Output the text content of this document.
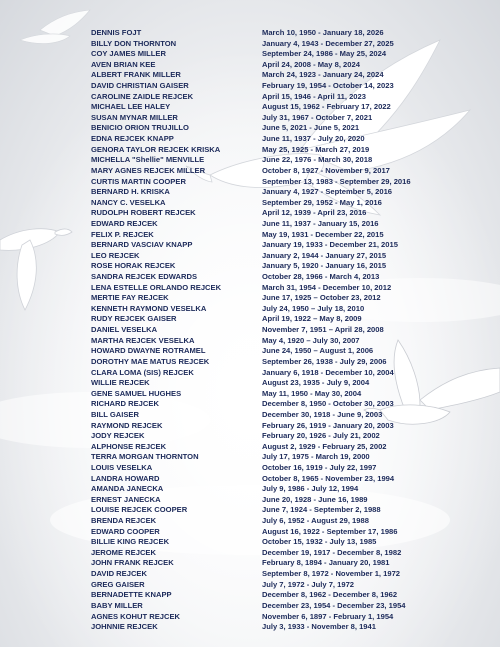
DENNIS FOJT	March 10, 1950 - January 18, 2026
BILLY DON THORNTON	January 4, 1943 - December 27, 2025
COY JAMES MILLER	September 24, 1986 - May 25, 2024
AVEN BRIAN KEE	April 24, 2008 - May 8, 2024
ALBERT FRANK MILLER	March 24, 1923 - January 24, 2024
DAVID CHRISTIAN GAISER	February 19, 1954 - October 14, 2023
CAROLINE ZAIDLE REJCEK	April 15, 1946 - April 11, 2023
MICHAEL LEE HALEY	August 15, 1962 - February 17, 2022
SUSAN MYNAR MILLER	July 31, 1967 - October 7, 2021
BENICIO ORION TRUJILLO	June 5, 2021 - June 5, 2021
EDNA REJCEK KNAPP	June 11, 1937 - July 20, 2020
GENORA TAYLOR REJCEK KRISKA	May 25, 1925 - March 27, 2019
MICHELLA "Shellie" MENVILLE	June 22, 1976 - March 30, 2018
MARY AGNES REJCEK MILLER	October 8, 1927 - November 9, 2017
CURTIS MARTIN COOPER	September 13, 1983 - September 29, 2016
BERNARD H. KRISKA	January 4, 1927 - September 5, 2016
NANCY C. VESELKA	September 29, 1952 - May 1, 2016
RUDOLPH ROBERT REJCEK	April 12, 1939 - April 23, 2016
EDWARD REJCEK	June 11, 1937 - January 15, 2016
FELIX P. REJCEK	May 19, 1931 - December 22, 2015
BERNARD VASCIAV KNAPP	January 19, 1933 - December 21, 2015
LEO REJCEK	January 2, 1944 - January 27, 2015
ROSE HORAK REJCEK	January 5, 1920 - January 16, 2015
SANDRA REJCEK EDWARDS	October 28, 1966 - March 4, 2013
LENA ESTELLE ORLANDO REJCEK	March 31, 1954 - December 10, 2012
MERTIE FAY REJCEK	June 17, 1925 – October 23, 2012
KENNETH RAYMOND VESELKA	July 24, 1950 – July 18, 2010
RUDY REJCEK GAISER	April 19, 1922 – May 8, 2009
DANIEL VESELKA	November 7, 1951 – April 28, 2008
MARTHA REJCEK VESELKA	May 4, 1920 – July 30, 2007
HOWARD DWAYNE ROTRAMEL	June 24, 1950 – August 1, 2006
DOROTHY MAE MATUS REJCEK	September 26, 1938 - July 29, 2006
CLARA LOMA (SIS) REJCEK	January 6, 1918 - December 10, 2004
WILLIE REJCEK	August 23, 1935 - July 9, 2004
GENE SAMUEL HUGHES	May 11, 1950 - May 30, 2004
RICHARD REJCEK	December 8, 1950 - October 30, 2003
BILL GAISER	December 30, 1918 - June 9, 2003
RAYMOND REJCEK	February 26, 1919 - January 20, 2003
JODY REJCEK	February 20, 1926 - July 21, 2002
ALPHONSE REJCEK	August 2, 1929 - February 25, 2002
TERRA MORGAN THORNTON	July 17, 1975 - March 19, 2000
LOUIS VESELKA	October 16, 1919 - July 22, 1997
LANDRA HOWARD	October 8, 1965 - November 23, 1994
AMANDA JANECKA	July 9, 1986 - July 12, 1994
ERNEST JANECKA	June 20, 1928 - June 16, 1989
LOUISE REJCEK COOPER	June 7, 1924 - September 2, 1988
BRENDA REJCEK	July 6, 1952 - August 29, 1988
EDWARD COOPER	August 16, 1922 - September 17, 1986
BILLIE KING REJCEK	October 15, 1932 - July 13, 1985
JEROME REJCEK	December 19, 1917 - December 8, 1982
JOHN FRANK REJCEK	February 8, 1894 - January 20, 1981
DAVID REJCEK	September 8, 1972 - November 1, 1972
GREG GAISER	July 7, 1972 - July 7, 1972
BERNADETTE KNAPP	December 8, 1962 - December 8, 1962
BABY MILLER	December 23, 1954 - December 23, 1954
AGNES KOHUT REJCEK	November 6, 1897 - February 1, 1954
JOHNNIE REJCEK	July 3, 1933 - November 8, 1941
